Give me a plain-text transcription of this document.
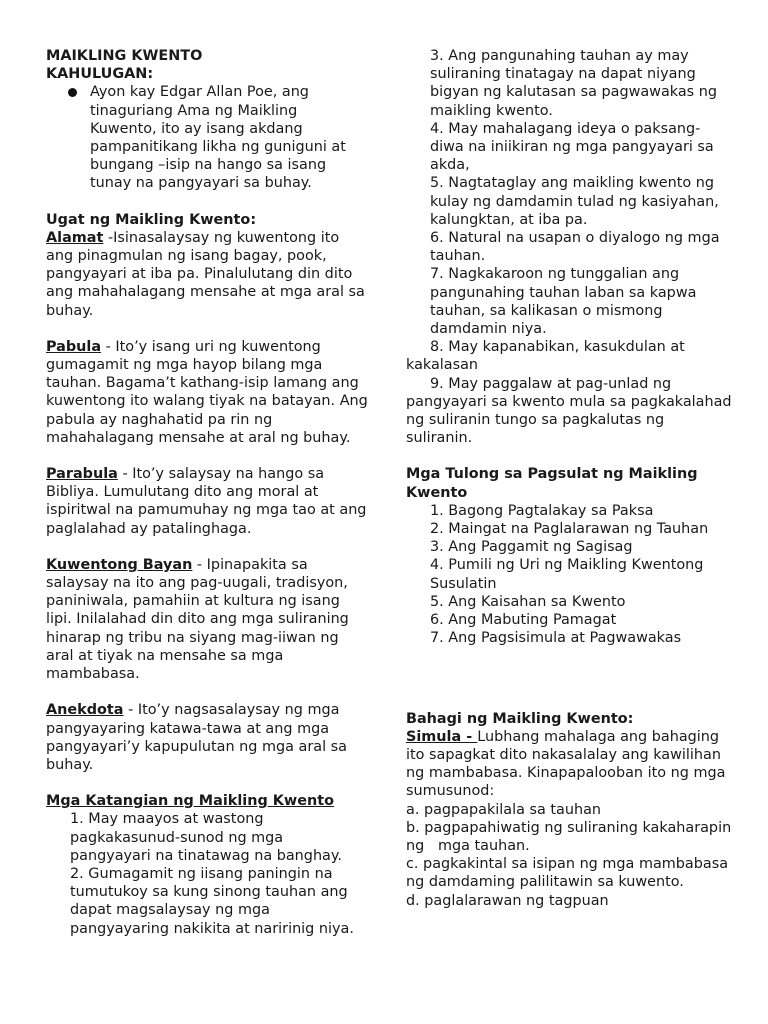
MAIKLING KWENTO

KAHULUGAN:

Ayon kay Edgar Allan Poe, ang tinaguriang Ama ng Maikling Kuwento, ito ay isang akdang pampanitikang likha ng guniguni at bungang –isip na hango sa isang tunay na pangyayari sa buhay.

Ugat ng Maikling Kwento:

Alamat -Isinasalaysay ng kuwentong ito ang pinagmulan ng isang bagay, pook, pangyayari at iba pa. Pinalulutang din dito ang mahahalagang mensahe at mga aral sa buhay.

Pabula - Ito’y isang uri ng kuwentong gumagamit ng mga hayop bilang mga tauhan. Bagama’t kathang-isip lamang ang kuwentong ito walang tiyak na batayan. Ang pabula ay naghahatid pa rin ng mahahalagang mensahe at aral ng buhay.

Parabula - Ito’y salaysay na hango sa Bibliya. Lumulutang dito ang moral at ispiritwal na pamumuhay ng mga tao at ang paglalahad ay patalinghaga.

Kuwentong Bayan - Ipinapakita sa salaysay na ito ang pag-uugali, tradisyon, paniniwala, pamahiin at kultura ng isang lipi. Inilalahad din dito ang mga suliraning hinarap ng tribu na siyang mag-iiwan ng aral at tiyak na mensahe sa mga mambabasa.

Anekdota - Ito’y nagsasalaysay ng mga pangyayaring katawa-tawa at ang mga pangyayari’y kapupulutan ng mga aral sa buhay.

Mga Katangian ng Maikling Kwento

1. May maayos at wastong pagkakasunud-sunod ng mga pangyayari na tinatawag na banghay.

2. Gumagamit ng iisang paningin na tumutukoy sa kung sinong tauhan ang dapat magsalaysay ng mga pangyayaring nakikita at naririnig niya.

3. Ang pangunahing tauhan ay may suliraning tinatagay na dapat niyang bigyan ng kalutasan sa pagwawakas ng maikling kwento.

4. May mahalagang ideya o paksang-diwa na iniikiran ng mga pangyayari sa akda,

5. Nagtataglay ang maikling kwento ng kulay ng damdamin tulad ng kasiyahan, kalungktan, at iba pa.

6. Natural na usapan o diyalogo ng mga tauhan.

7. Nagkakaroon ng tunggalian ang pangunahing tauhan laban sa kapwa tauhan, sa kalikasan o mismong damdamin niya.

8. May kapanabikan, kasukdulan at kakalasan

9. May paggalaw at pag-unlad ng pangyayari sa kwento mula sa pagkakalahad ng suliranin tungo sa pagkalutas ng suliranin.

Mga Tulong sa Pagsulat ng Maikling Kwento

1. Bagong Pagtalakay sa Paksa

2. Maingat na Paglalarawan ng Tauhan

3. Ang Paggamit ng Sagisag

4. Pumili ng Uri ng Maikling Kwentong Susulatin

5. Ang Kaisahan sa Kwento

6. Ang Mabuting Pamagat

7. Ang Pagsisimula at Pagwawakas

Bahagi ng Maikling Kwento:

Simula - Lubhang mahalaga ang bahaging ito sapagkat dito nakasalalay ang kawilihan ng mambabasa. Kinapapalooban ito ng mga sumusunod:

a. pagpapakilala sa tauhan

b. pagpapahiwatig ng suliraning kakaharapin ng   mga tauhan.

c. pagkakintal sa isipan ng mga mambabasa ng damdaming palilitawin sa kuwento.

d. paglalarawan ng tagpuan
